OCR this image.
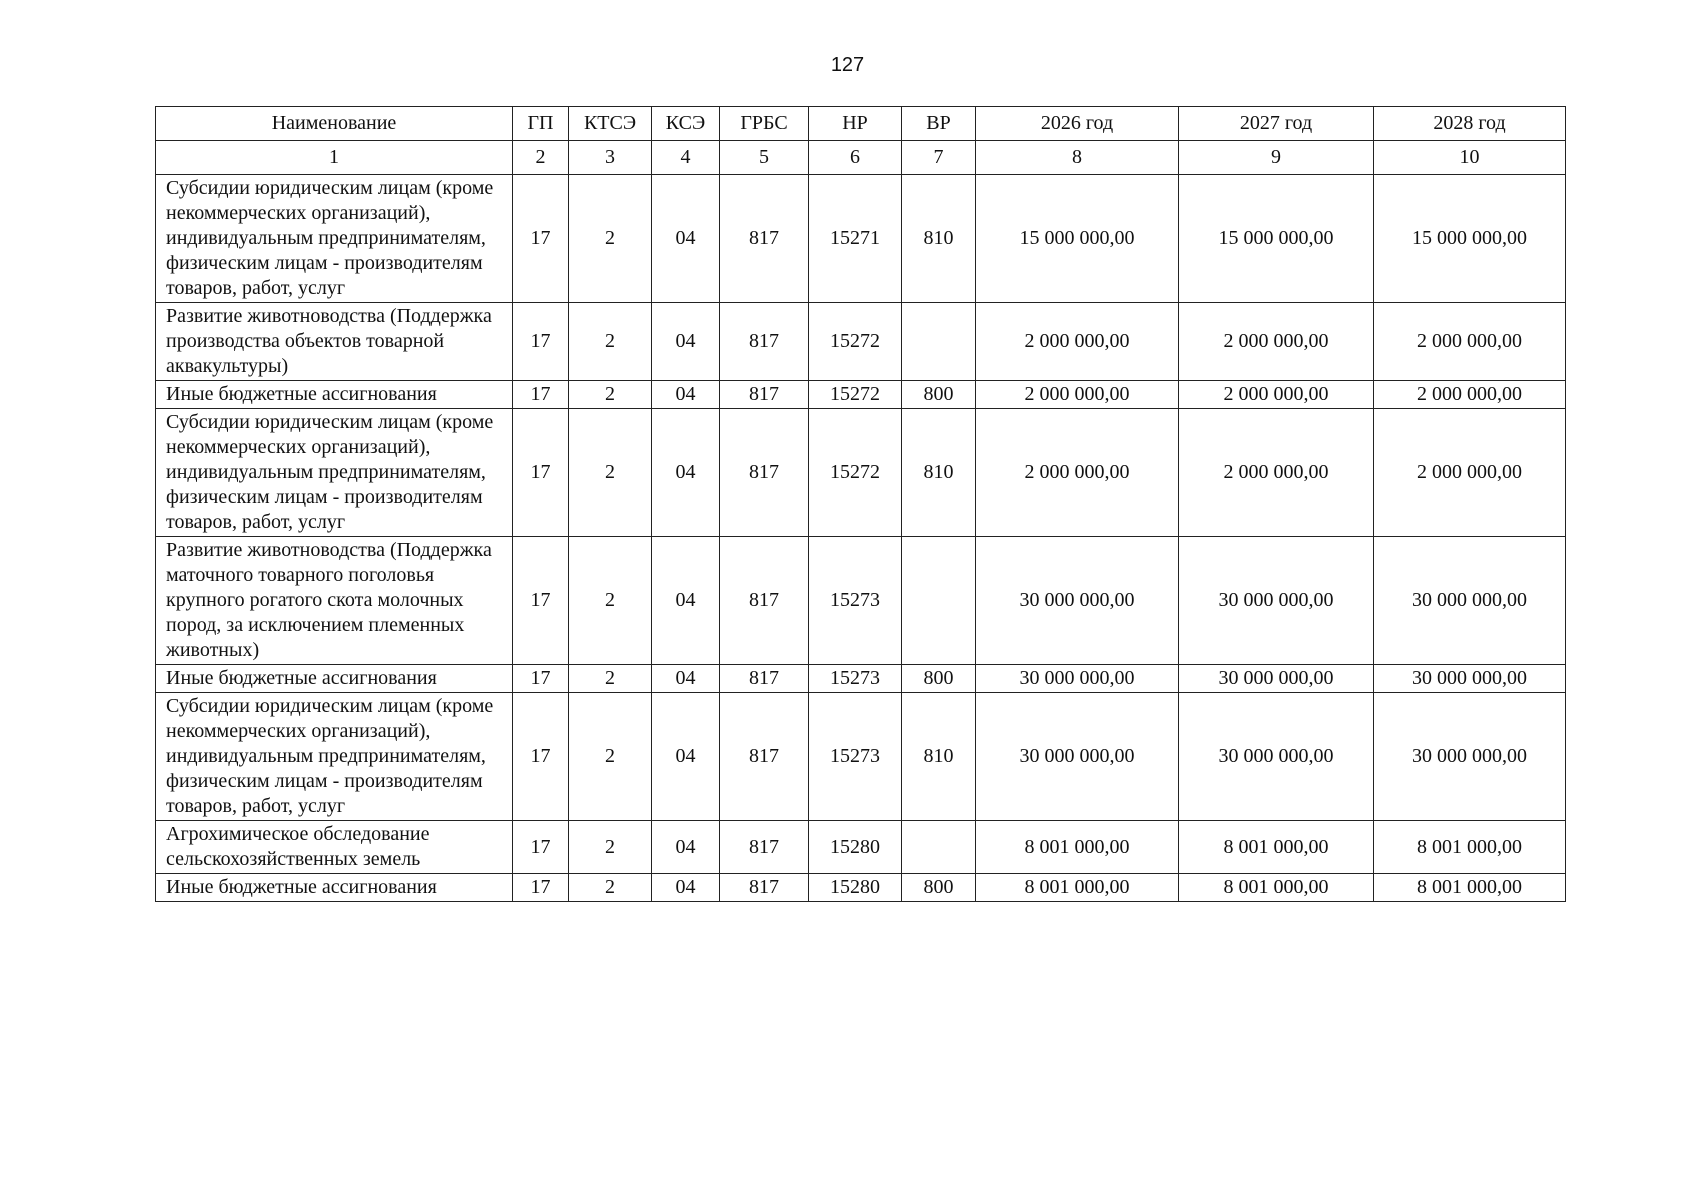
127
Наименование	ГП	КТСЭ	КСЭ	ГРБС	НР	ВР	2026 год	2027 год	2028 год
1	2	3	4	5	6	7	8	9	10
Субсидии юридическим лицам (кроме некоммерческих организаций), индивидуальным предпринимателям, физическим лицам - производителям товаров, работ, услуг	17	2	04	817	15271	810	15 000 000,00	15 000 000,00	15 000 000,00
Развитие животноводства (Поддержка производства объектов товарной аквакультуры)	17	2	04	817	15272		2 000 000,00	2 000 000,00	2 000 000,00
Иные бюджетные ассигнования	17	2	04	817	15272	800	2 000 000,00	2 000 000,00	2 000 000,00
Субсидии юридическим лицам (кроме некоммерческих организаций), индивидуальным предпринимателям, физическим лицам - производителям товаров, работ, услуг	17	2	04	817	15272	810	2 000 000,00	2 000 000,00	2 000 000,00
Развитие животноводства (Поддержка маточного товарного поголовья крупного рогатого скота молочных пород, за исключением племенных животных)	17	2	04	817	15273		30 000 000,00	30 000 000,00	30 000 000,00
Иные бюджетные ассигнования	17	2	04	817	15273	800	30 000 000,00	30 000 000,00	30 000 000,00
Субсидии юридическим лицам (кроме некоммерческих организаций), индивидуальным предпринимателям, физическим лицам - производителям товаров, работ, услуг	17	2	04	817	15273	810	30 000 000,00	30 000 000,00	30 000 000,00
Агрохимическое обследование сельскохозяйственных земель	17	2	04	817	15280		8 001 000,00	8 001 000,00	8 001 000,00
Иные бюджетные ассигнования	17	2	04	817	15280	800	8 001 000,00	8 001 000,00	8 001 000,00
